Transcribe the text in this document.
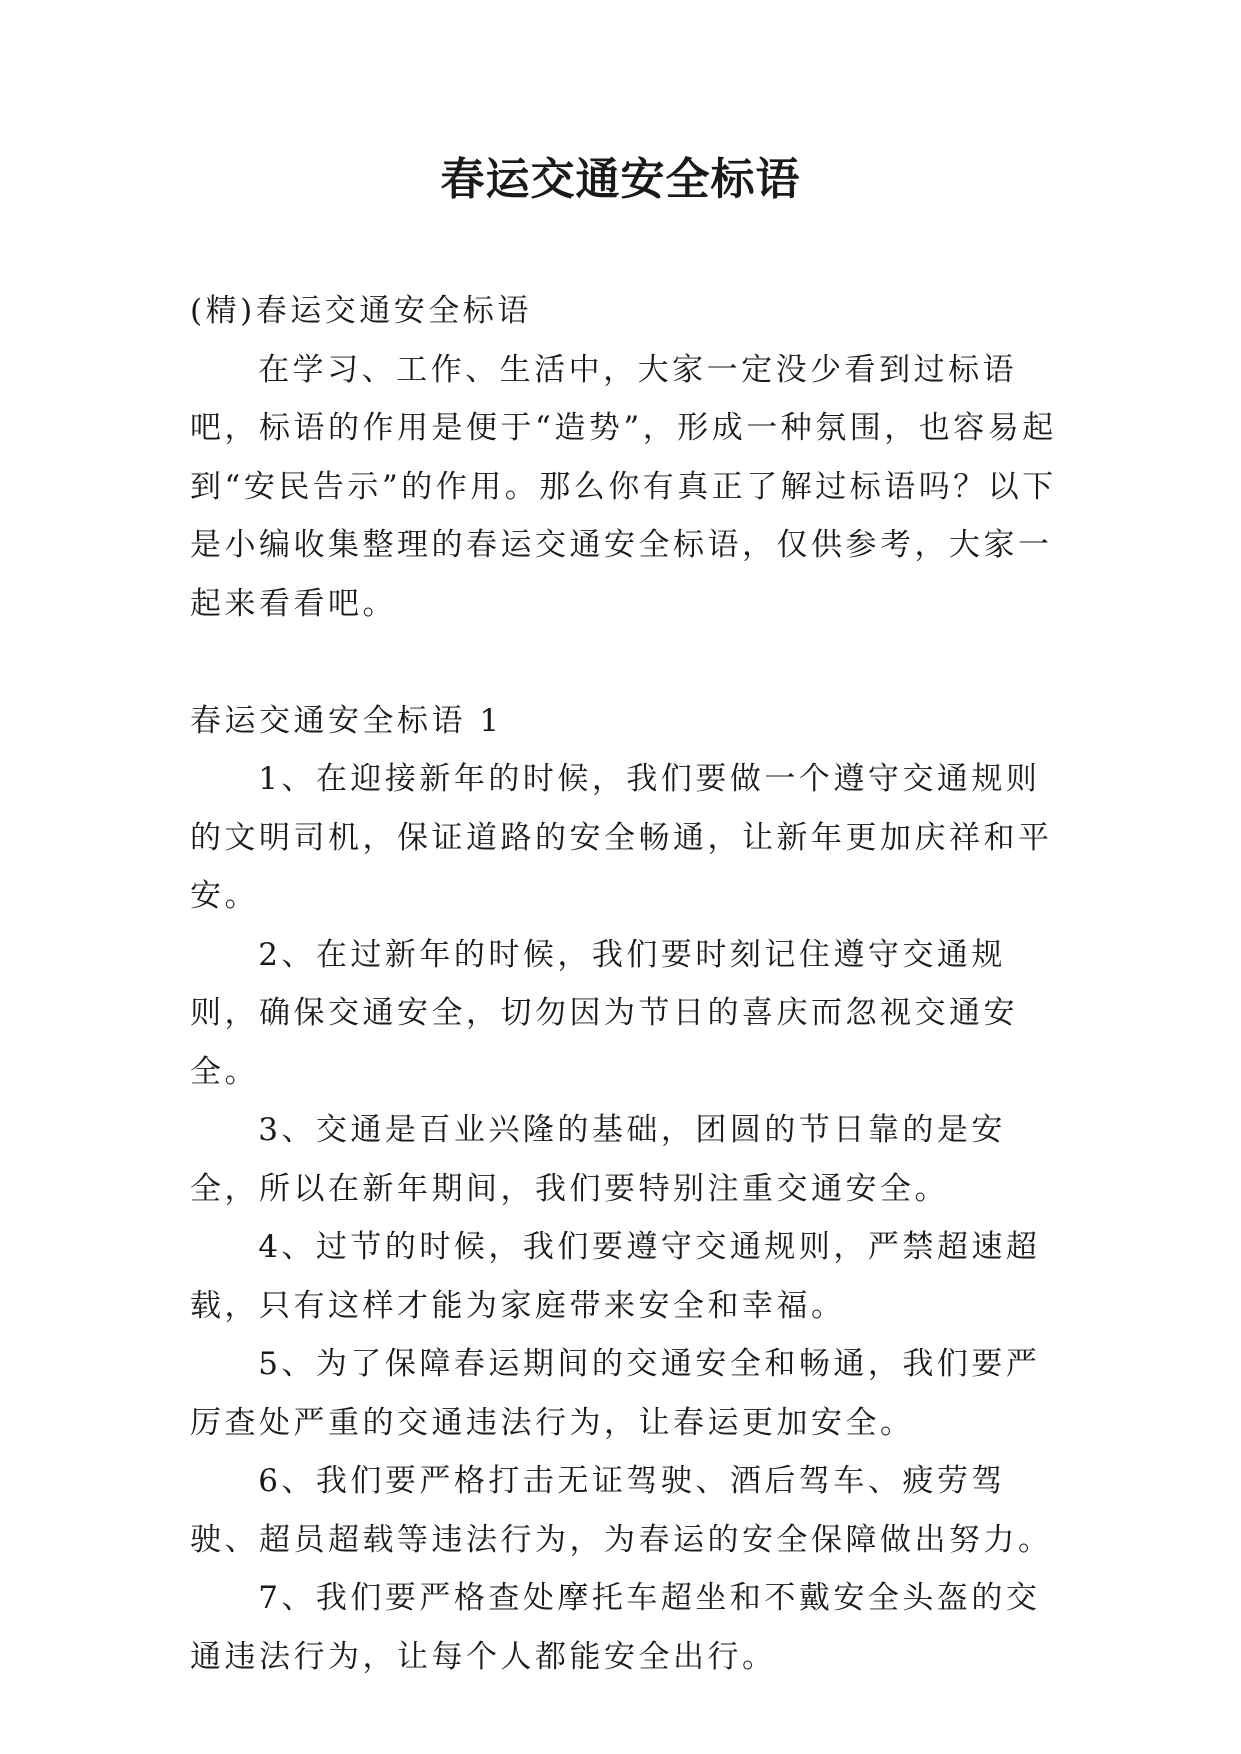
春运交通安全标语

(精)春运交通安全标语

在学习、工作、生活中，大家一定没少看到过标语吧，标语的作用是便于“造势”，形成一种氛围，也容易起到“安民告示”的作用。那么你有真正了解过标语吗？以下是小编收集整理的春运交通安全标语，仅供参考，大家一起来看看吧。

春运交通安全标语 1

1、在迎接新年的时候，我们要做一个遵守交通规则的文明司机，保证道路的安全畅通，让新年更加庆祥和平安。

2、在过新年的时候，我们要时刻记住遵守交通规则，确保交通安全，切勿因为节日的喜庆而忽视交通安全。

3、交通是百业兴隆的基础，团圆的节日靠的是安全，所以在新年期间，我们要特别注重交通安全。

4、过节的时候，我们要遵守交通规则，严禁超速超载，只有这样才能为家庭带来安全和幸福。

5、为了保障春运期间的交通安全和畅通，我们要严厉查处严重的交通违法行为，让春运更加安全。

6、我们要严格打击无证驾驶、酒后驾车、疲劳驾驶、超员超载等违法行为，为春运的安全保障做出努力。

7、我们要严格查处摩托车超坐和不戴安全头盔的交通违法行为，让每个人都能安全出行。
